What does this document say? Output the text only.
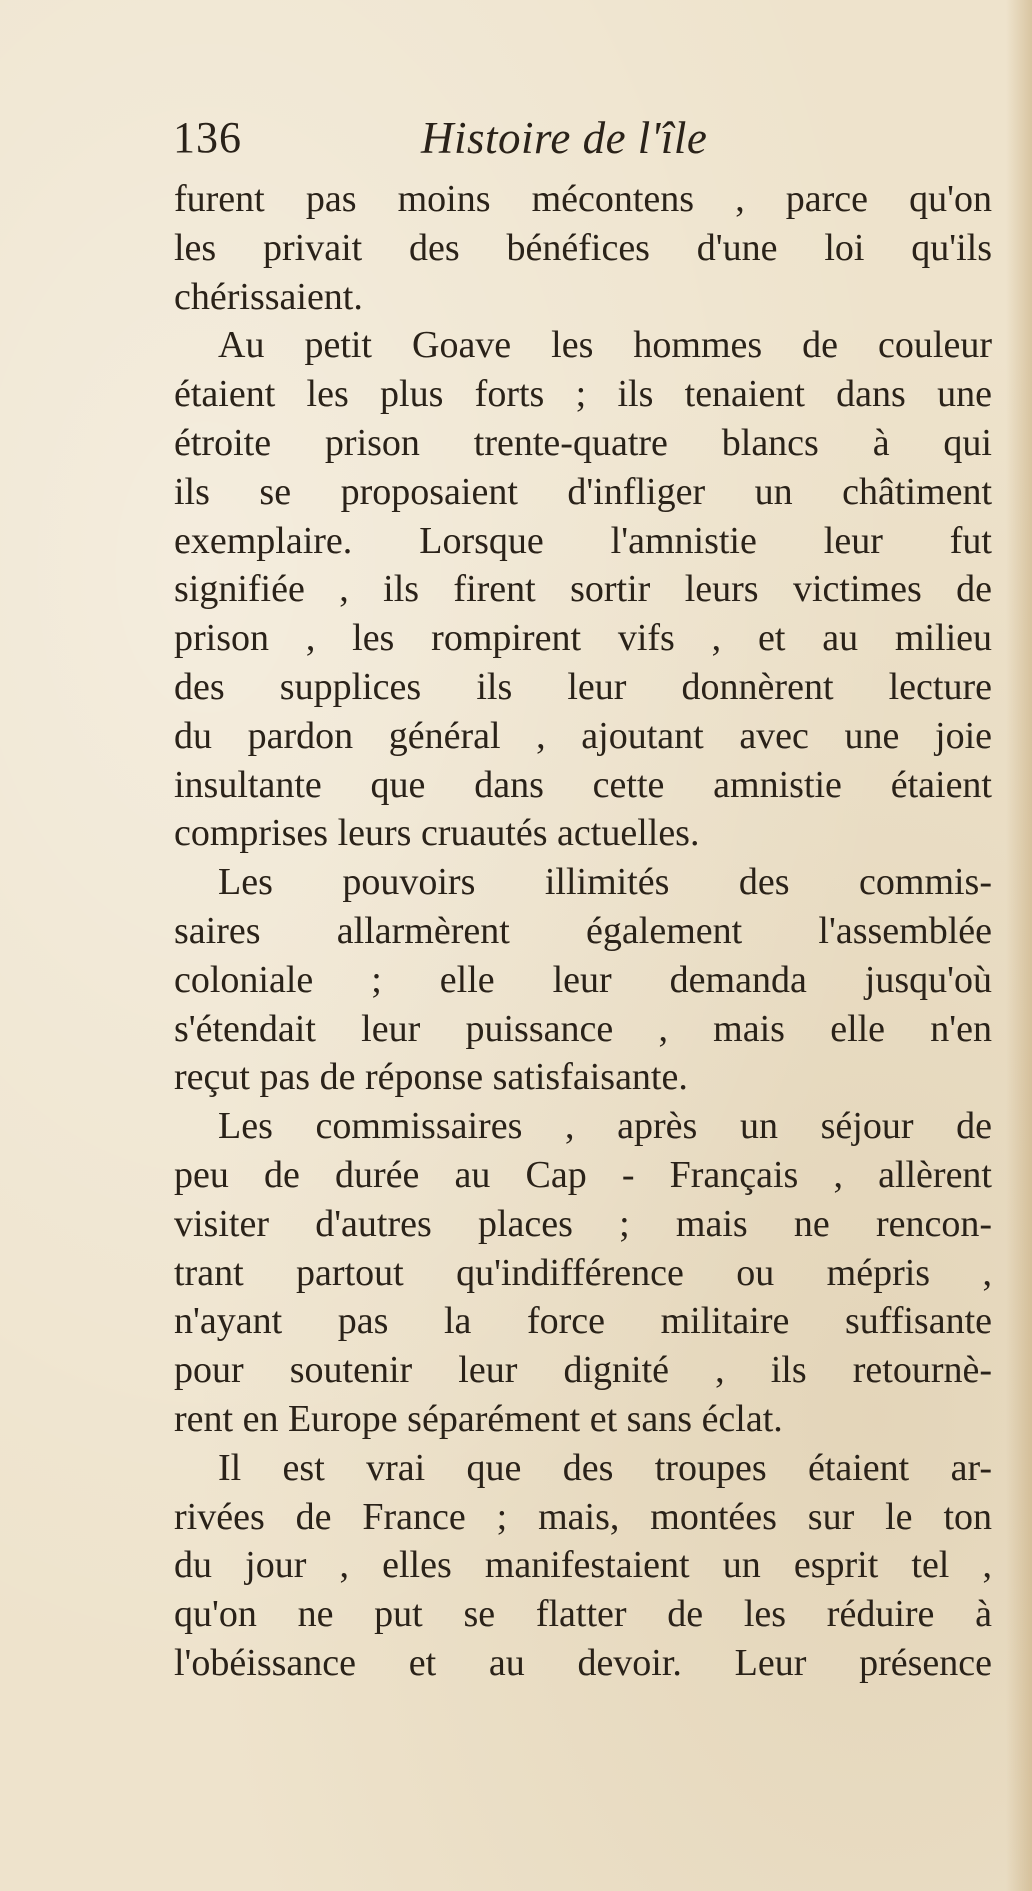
136	Histoire de l'île
furent pas moins mécontens , parce qu'on
les privait des bénéfices d'une loi qu'ils
chérissaient.
Au petit Goave les hommes de couleur
étaient les plus forts ; ils tenaient dans une
étroite prison trente-quatre blancs à qui
ils se proposaient d'infliger un châtiment
exemplaire. Lorsque l'amnistie leur fut
signifiée , ils firent sortir leurs victimes de
prison , les rompirent vifs , et au milieu
des supplices ils leur donnèrent lecture
du pardon général , ajoutant avec une joie
insultante que dans cette amnistie étaient
comprises leurs cruautés actuelles.
Les pouvoirs illimités des commis-
saires allarmèrent également l'assemblée
coloniale ; elle leur demanda jusqu'où
s'étendait leur puissance , mais elle n'en
reçut pas de réponse satisfaisante.
Les commissaires , après un séjour de
peu de durée au Cap - Français , allèrent
visiter d'autres places ; mais ne rencon-
trant partout qu'indifférence ou mépris ,
n'ayant pas la force militaire suffisante
pour soutenir leur dignité , ils retournè-
rent en Europe séparément et sans éclat.
Il est vrai que des troupes étaient ar-
rivées de France ; mais, montées sur le ton
du jour , elles manifestaient un esprit tel ,
qu'on ne put se flatter de les réduire à
l'obéissance et au devoir. Leur présence
